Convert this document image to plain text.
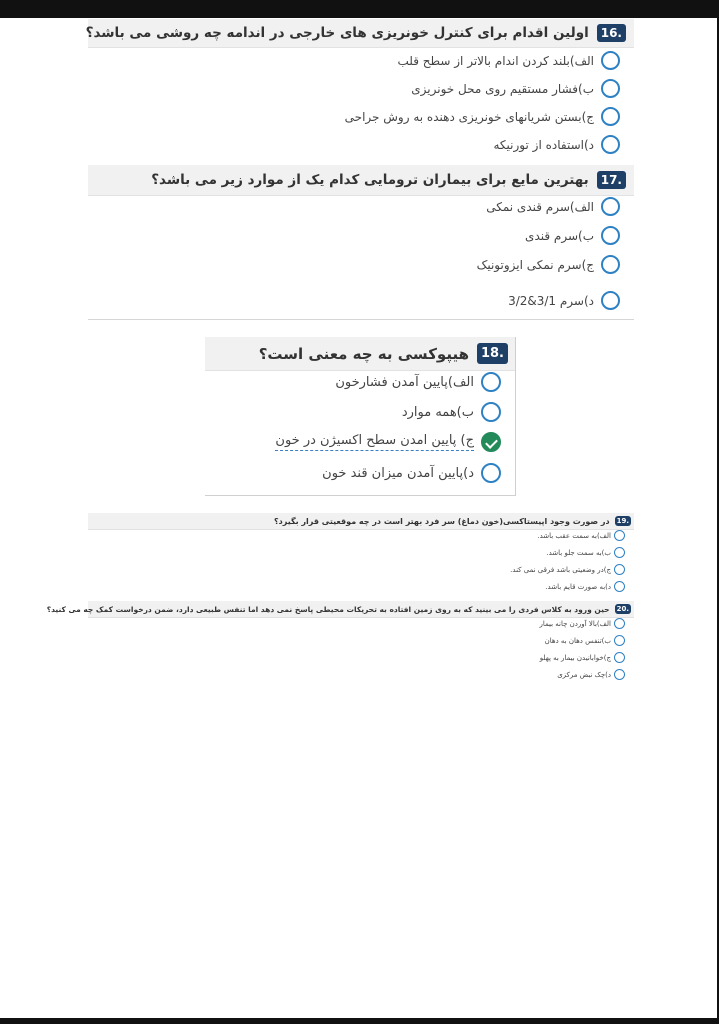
16.
اولین اقدام برای کنترل خونریزی های خارجی در اندامه چه روشی می باشد؟
الف)بلند کردن اندام بالاتر از سطح قلب
ب)فشار مستقیم روی محل خونریزی
ج)بستن شریانهای خونریزی دهنده به روش جراحی
د)استفاده از تورنیکه
17.
بهترین مایع برای بیماران ترومایی کدام یک از موارد زیر می باشد؟
الف)سرم قندی نمکی
ب)سرم قندی
ج)سرم نمکی ایزوتونیک
د)سرم 3/1&3/2
18.
هیپوکسی به چه معنی است؟
الف)پایین آمدن فشارخون
ب)همه موارد
ج) پایین امدن سطح اکسیژن در خون
د)پایین آمدن میزان قند خون
19.
در صورت وجود اپیستاکسی(خون دماغ) سر فرد بهتر است در چه موقعیتی قرار بگیرد؟
الف)به سمت عقب باشد.
ب)به سمت جلو باشد.
ج)در وضعیتی باشد فرقی نمی کند.
د)به صورت قایم باشد.
20.
حین ورود به کلاس فردی را می بینید که به روی زمین افتاده به تحریکات محیطی پاسخ نمی دهد اما تنفس طبیعی دارد، ضمن درخواست کمک چه می کنید؟
الف)بالا آوردن چانه بیمار
ب)تنفس دهان به دهان
ج)خوابانیدن بیمار به پهلو
د)چک نبض مرکزی
